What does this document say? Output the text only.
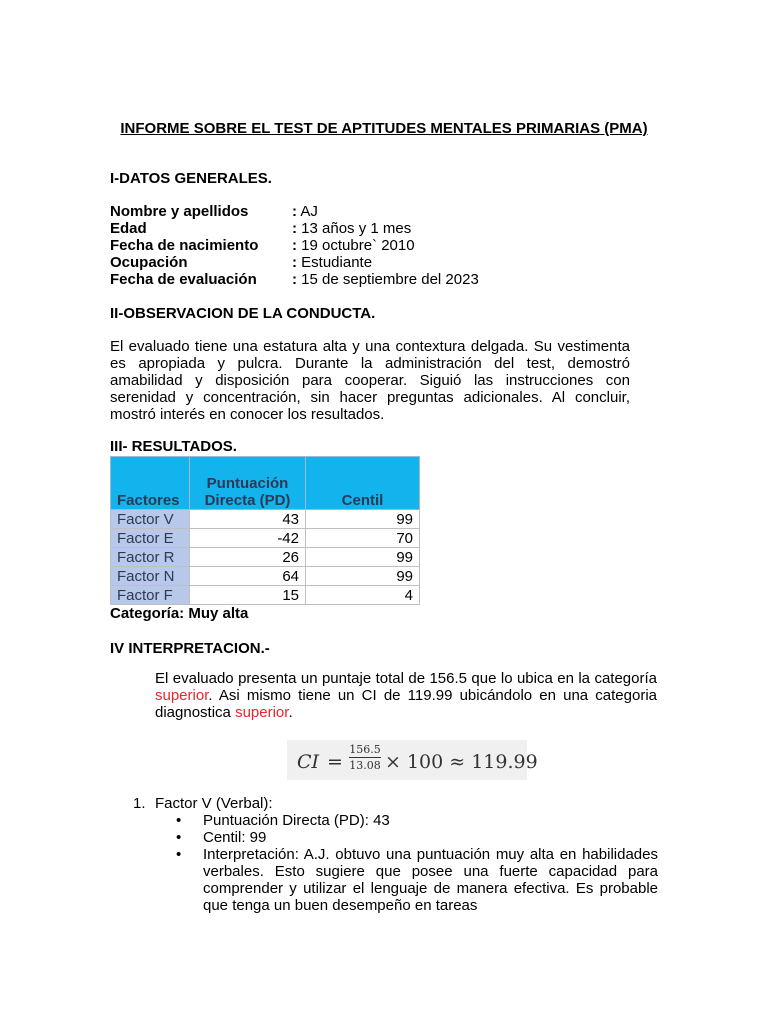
INFORME SOBRE EL TEST DE APTITUDES MENTALES PRIMARIAS (PMA)
I-DATOS GENERALES.
Nombre y apellidos	: AJ
Edad	: 13 años y 1 mes
Fecha de nacimiento : 19 octubre` 2010
Ocupación	: Estudiante
Fecha de evaluación : 15 de septiembre del 2023
II-OBSERVACION DE LA CONDUCTA.
El evaluado tiene una estatura alta y una contextura delgada. Su vestimenta es apropiada y pulcra. Durante la administración del test, demostró amabilidad y disposición para cooperar. Siguió las instrucciones con serenidad y concentración, sin hacer preguntas adicionales. Al concluir, mostró interés en conocer los resultados.
III- RESULTADOS.
Factores	Puntuación Directa (PD)	Centil
Factor V	43	99
Factor E	-42	70
Factor R	26	99
Factor N	64	99
Factor F	15	4
Categoría: Muy alta
IV INTERPRETACION.-
El evaluado presenta un puntaje total de 156.5 que lo ubica en la categoría superior. Asi mismo tiene un CI de 119.99 ubicándolo en una categoria diagnostica superior.
CI =
156.5
13.08 × 100 ≈ 119.99
1. Factor V (Verbal):
• Puntuación Directa (PD): 43
• Centil: 99
• Interpretación: A.J. obtuvo una puntuación muy alta en habilidades verbales. Esto sugiere que posee una fuerte capacidad para comprender y utilizar el lenguaje de manera efectiva. Es probable que tenga un buen desempeño en tareas
